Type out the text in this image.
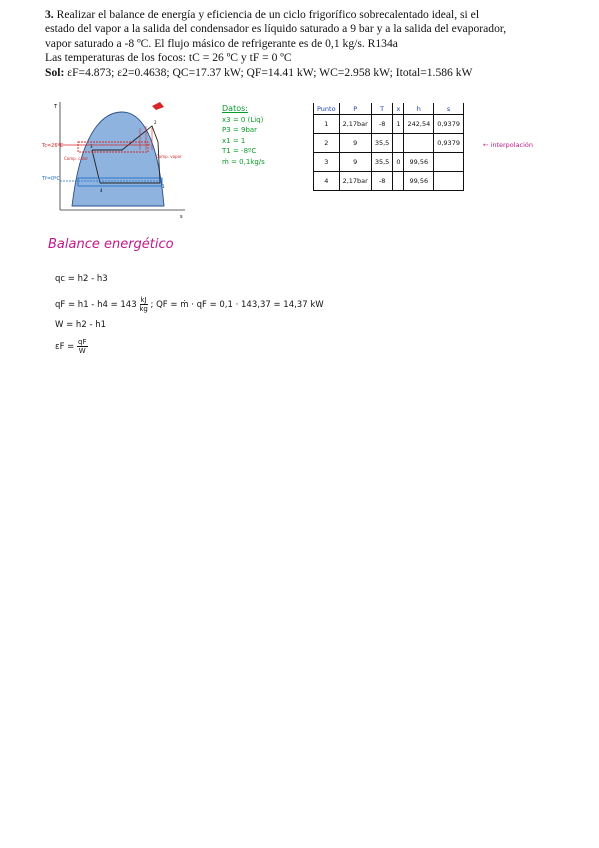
3. Realizar el balance de energía y eficiencia de un ciclo frigorífico sobrecalentado ideal, si el
estado del vapor a la salida del condensador es líquido saturado a 9 bar y a la salida del evaporador,
vapor saturado a -8 ºC. El flujo másico de refrigerante es de 0,1 kg/s. R134a
Las temperaturas de los focos: tC = 26 ºC y tF = 0 ºC
Sol: εF=4.873; ε2=0.4638; QC=17.37 kW; QF=14.41 kW; WC=2.958 kW; Itotal=1.586 kW
T
s
Tc=26ºC
Tf=0ºC
Comp. calor	Comp. vapor
3
2
1
4
Datos:
x3 = 0 (Liq)
P3 = 9bar
x1 = 1
T1 = -8ºC
ṁ = 0,1kg/s
Punto	P	T	x	h	s
1	2,17bar	-8	1	242,54	0,9379
2	9	35,5			0,9379
3	9	35,5	0	99,56	
4	2,17bar	-8		99,56	
← interpolación
Balance energético
qc = h2 - h3
qF = $h1 - h4 = 143 \frac{kJ}{kg}$ ; QF = ṁ · qF = 0,1 · 143,37 = 14,37 kW
W = h2 - h1
$\varepsilon F = \frac{qF}{W}$
